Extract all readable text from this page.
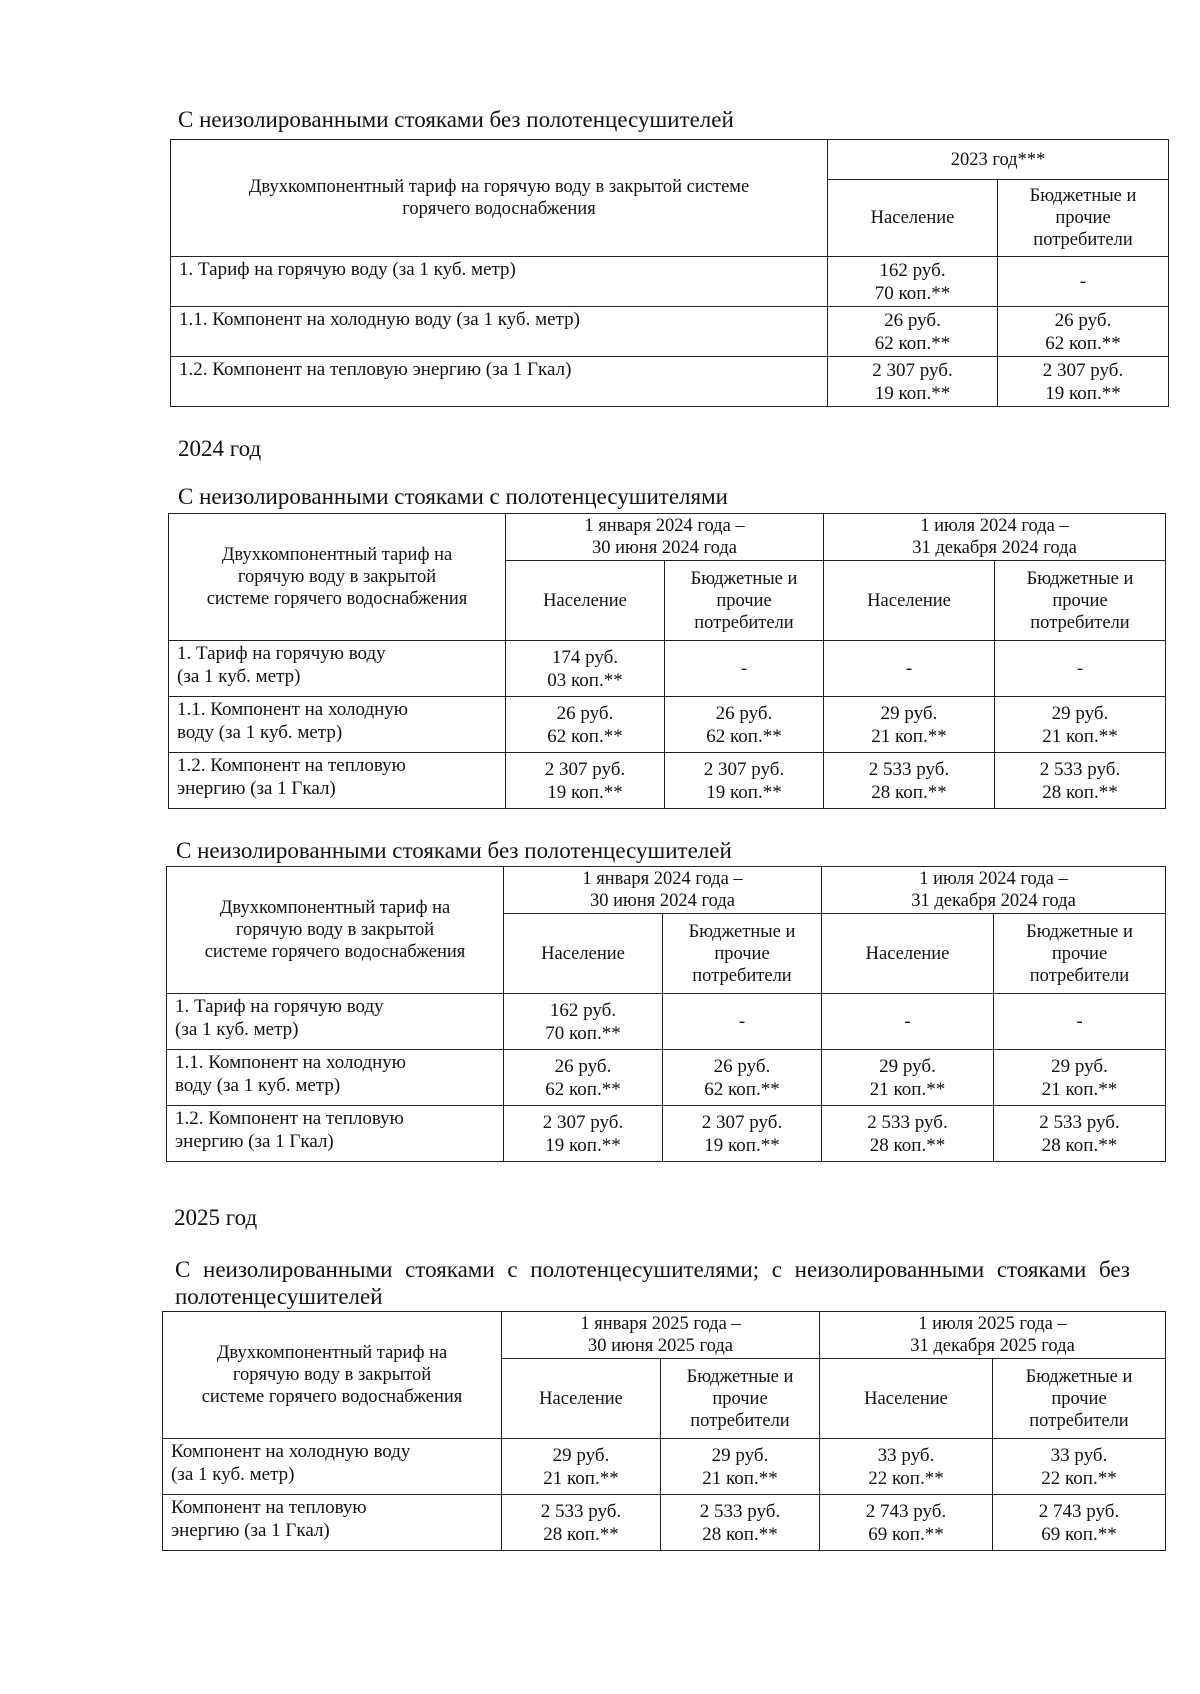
С неизолированными стояками без полотенцесушителей
Двухкомпонентный тариф на горячую воду в закрытой системе
горячего водоснабжения	2023 год***	
	Население	Бюджетные и
прочие
потребители

1. Тариф на горячую воду (за 1 куб. метр)	162 руб.
70 коп.**	-

1.1. Компонент на холодную воду (за 1 куб. метр)	26 руб.
62 коп.**	26 руб.
62 коп.**

1.2. Компонент на тепловую энергию (за 1 Гкал)	2 307 руб.
19 коп.**	2 307 руб.
19 коп.**
2024 год
С неизолированными стояками с полотенцесушителями
Двухкомпонентный тариф на
горячую воду в закрытой
системе горячего водоснабжения	1 января 2024 года –
30 июня 2024 года		1 июля 2024 года –
31 декабря 2024 года	

	Население	Бюджетные и
прочие
потребители	Население	Бюджетные и
прочие
потребители

1. Тариф на горячую воду
(за 1 куб. метр)	174 руб.
03 коп.**	-	-	-

1.1. Компонент на холодную
воду (за 1 куб. метр)	26 руб.
62 коп.**	26 руб.
62 коп.**	29 руб.
21 коп.**	29 руб.
21 коп.**

1.2. Компонент на тепловую
энергию (за 1 Гкал)	2 307 руб.
19 коп.**	2 307 руб.
19 коп.**	2 533 руб.
28 коп.**	2 533 руб.
28 коп.**
С неизолированными стояками без полотенцесушителей
Двухкомпонентный тариф на
горячую воду в закрытой
системе горячего водоснабжения	1 января 2024 года –
30 июня 2024 года		1 июля 2024 года –
31 декабря 2024 года	

	Население	Бюджетные и
прочие
потребители	Население	Бюджетные и
прочие
потребители

1. Тариф на горячую воду
(за 1 куб. метр)	162 руб.
70 коп.**	-	-	-

1.1. Компонент на холодную
воду (за 1 куб. метр)	26 руб.
62 коп.**	26 руб.
62 коп.**	29 руб.
21 коп.**	29 руб.
21 коп.**

1.2. Компонент на тепловую
энергию (за 1 Гкал)	2 307 руб.
19 коп.**	2 307 руб.
19 коп.**	2 533 руб.
28 коп.**	2 533 руб.
28 коп.**
2025 год
С неизолированными стояками с полотенцесушителями; с неизолированными стояками без полотенцесушителей
Двухкомпонентный тариф на
горячую воду в закрытой
системе горячего водоснабжения	1 января 2025 года –
30 июня 2025 года		1 июля 2025 года –
31 декабря 2025 года	

	Население	Бюджетные и
прочие
потребители	Население	Бюджетные и
прочие
потребители

Компонент на холодную воду
(за 1 куб. метр)	29 руб.
21 коп.**	29 руб.
21 коп.**	33 руб.
22 коп.**	33 руб.
22 коп.**

Компонент на тепловую
энергию (за 1 Гкал)	2 533 руб.
28 коп.**	2 533 руб.
28 коп.**	2 743 руб.
69 коп.**	2 743 руб.
69 коп.**
